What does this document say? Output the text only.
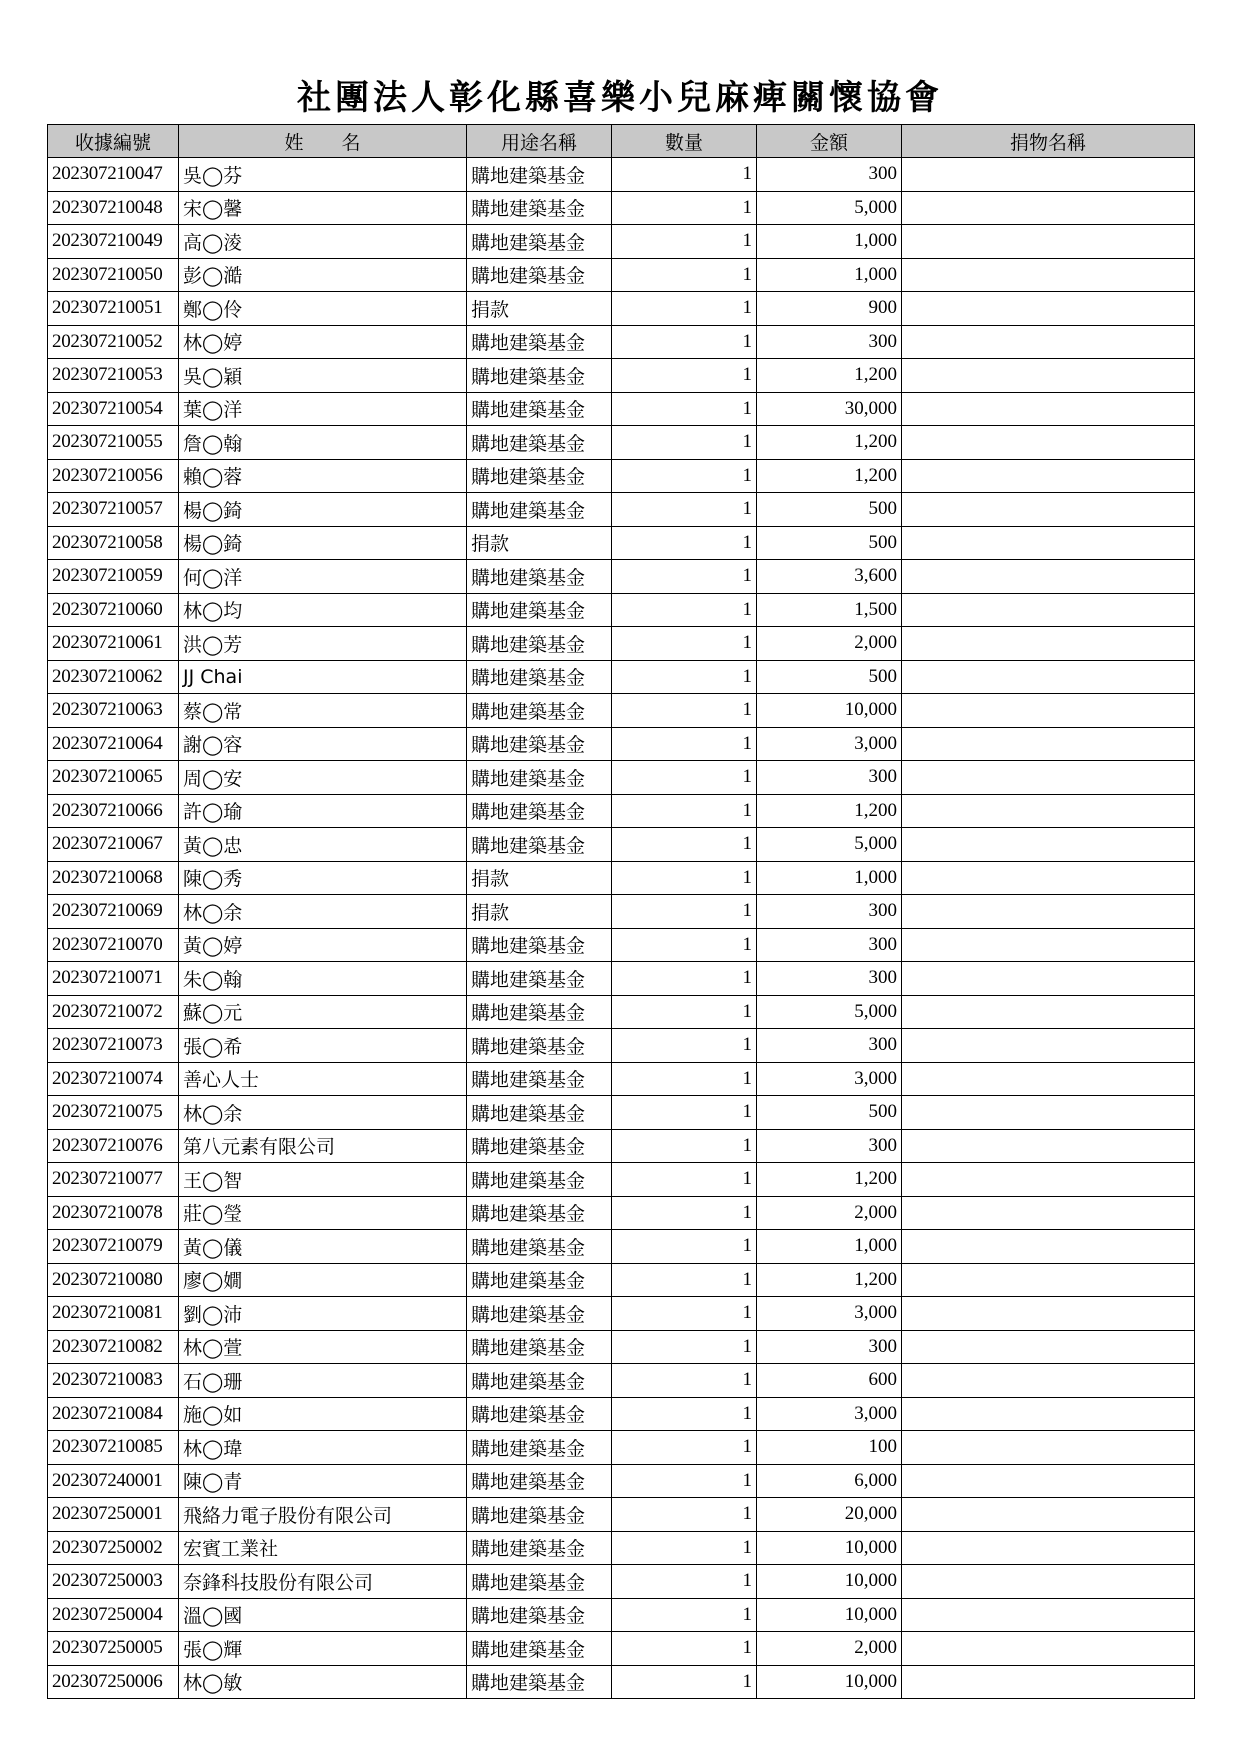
社團法人彰化縣喜樂小兒麻痺關懷協會
收據編號	姓　　名	用途名稱	數量	金額	捐物名稱
202307210047	吳◯芬	購地建築基金	1	300	
202307210048	宋◯馨	購地建築基金	1	5,000	
202307210049	高◯淩	購地建築基金	1	1,000	
202307210050	彭◯澔	購地建築基金	1	1,000	
202307210051	鄭◯伶	捐款	1	900	
202307210052	林◯婷	購地建築基金	1	300	
202307210053	吳◯穎	購地建築基金	1	1,200	
202307210054	葉◯洋	購地建築基金	1	30,000	
202307210055	詹◯翰	購地建築基金	1	1,200	
202307210056	賴◯蓉	購地建築基金	1	1,200	
202307210057	楊◯錡	購地建築基金	1	500	
202307210058	楊◯錡	捐款	1	500	
202307210059	何◯洋	購地建築基金	1	3,600	
202307210060	林◯均	購地建築基金	1	1,500	
202307210061	洪◯芳	購地建築基金	1	2,000	
202307210062	JJ Chai	購地建築基金	1	500	
202307210063	蔡◯常	購地建築基金	1	10,000	
202307210064	謝◯容	購地建築基金	1	3,000	
202307210065	周◯安	購地建築基金	1	300	
202307210066	許◯瑜	購地建築基金	1	1,200	
202307210067	黃◯忠	購地建築基金	1	5,000	
202307210068	陳◯秀	捐款	1	1,000	
202307210069	林◯余	捐款	1	300	
202307210070	黃◯婷	購地建築基金	1	300	
202307210071	朱◯翰	購地建築基金	1	300	
202307210072	蘇◯元	購地建築基金	1	5,000	
202307210073	張◯希	購地建築基金	1	300	
202307210074	善心人士	購地建築基金	1	3,000	
202307210075	林◯余	購地建築基金	1	500	
202307210076	第八元素有限公司	購地建築基金	1	300	
202307210077	王◯智	購地建築基金	1	1,200	
202307210078	莊◯瑩	購地建築基金	1	2,000	
202307210079	黃◯儀	購地建築基金	1	1,000	
202307210080	廖◯嫺	購地建築基金	1	1,200	
202307210081	劉◯沛	購地建築基金	1	3,000	
202307210082	林◯萱	購地建築基金	1	300	
202307210083	石◯珊	購地建築基金	1	600	
202307210084	施◯如	購地建築基金	1	3,000	
202307210085	林◯瑋	購地建築基金	1	100	
202307240001	陳◯青	購地建築基金	1	6,000	
202307250001	飛絡力電子股份有限公司	購地建築基金	1	20,000	
202307250002	宏賓工業社	購地建築基金	1	10,000	
202307250003	奈鋒科技股份有限公司	購地建築基金	1	10,000	
202307250004	溫◯國	購地建築基金	1	10,000	
202307250005	張◯輝	購地建築基金	1	2,000	
202307250006	林◯敏	購地建築基金	1	10,000	
